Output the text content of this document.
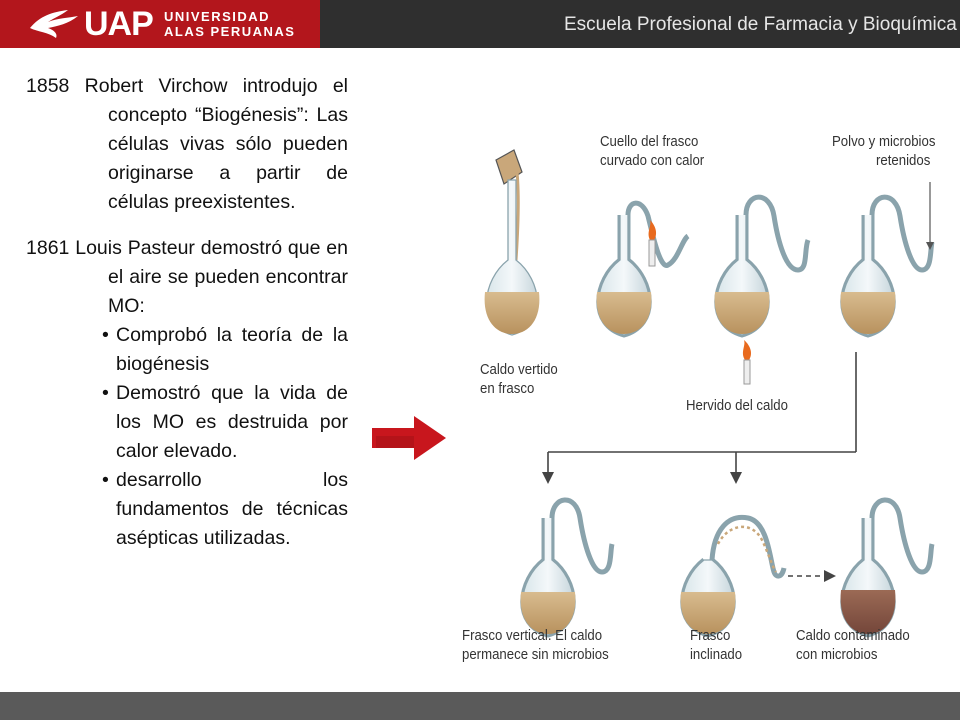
UAP UNIVERSIDAD
ALAS PERUANAS	Escuela Profesional de Farmacia y Bioquímica

1858 Robert Virchow introdujo el concepto “Biogénesis”: Las células vivas sólo pueden originarse a partir de células preexistentes.

1861 Louis Pasteur demostró que en el aire se pueden encontrar MO:

• Comprobó la teoría de la biogénesis
• Demostró que la vida de los MO es destruida por calor elevado.
• desarrollo los fundamentos de técnicas asépticas utilizadas.
Cuello del frasco
curvado con calor
Polvo y microbios
retenidos
Caldo vertido
en frasco
Hervido del caldo
Frasco vertical. El caldo
permanece sin microbios
Frasco
inclinado
Caldo contaminado
con microbios
